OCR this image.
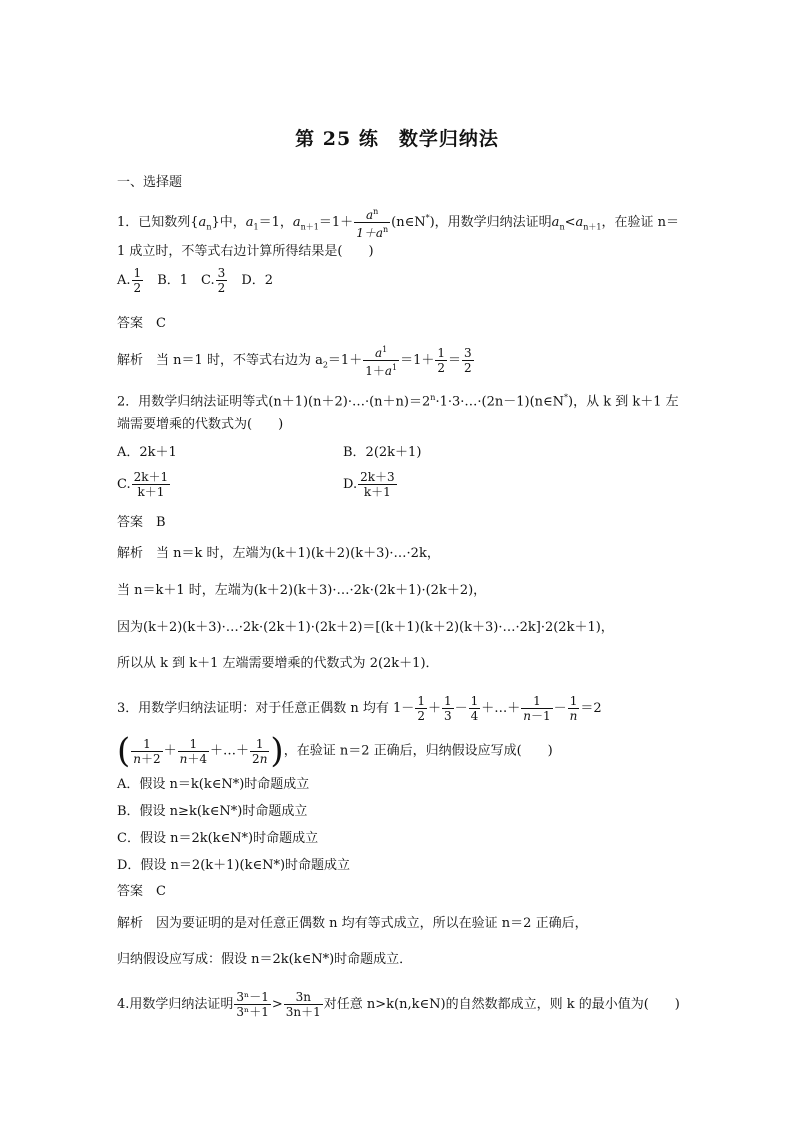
第 25 练　数学归纳法
一、选择题
1．已知数列$\{a_n\}$中，$a_1=1$，$a_{n+1}=1+ \frac{a^n}{1+a^n}$ (n∈N*)，用数学归纳法证明$a_n<a_{n+1}$，在验证 n＝
1 成立时，不等式右边计算所得结果是(　　)
A. $\frac{1}{2}$
　 B．1　 C. $\frac{3}{2}$
　 D．2
答案　 C
解析　 当 n＝1 时，不等式右边为 $a_2=1+ \frac{a^1}{1+a^1} =1+ \frac{1}{2} = \frac{3}{2}$
2．用数学归纳法证明等式$(n+1)(n+2)\cdot\dots\cdot(n+n)=2^n\cdot 1\cdot 3\cdot\dots\cdot(2n-1)(n\in N^*)$，从 k 到 k＋1 左
端需要增乘的代数式为(　　)
A．2k＋1	B．2(2k＋1)
C. $\frac{2k+1}{k+1}$	D. $\frac{2k+3}{k+1}$
答案　 B
解析　 当 n＝k 时，左端为(k＋1)(k＋2)(k＋3)·…·2k，
当 n＝k＋1 时，左端为(k＋2)(k＋3)·…·2k·(2k＋1)·(2k＋2)，
因为(k＋2)(k＋3)·…·2k·(2k＋1)·(2k＋2)＝[(k＋1)(k＋2)(k＋3)·…·2k]·2(2k＋1)，
所以从 k 到 k＋1 左端需要增乘的代数式为 2(2k＋1)．
3．用数学归纳法证明：对于任意正偶数 n 均有 $1- \frac{1}{2} + \frac{1}{3} - \frac{1}{4}$ ＋…＋ $\frac{1}{n-1} - \frac{1}{n} =2$
( $\frac{1}{n+2} + \frac{1}{n+4}$ ＋…＋ $\frac{1}{2n}$ )，在验证 n＝2 正确后，归纳假设应写成(　　)
A．假设 n＝k(k∈N*)时命题成立
B．假设 n≥k(k∈N*)时命题成立
C．假设 n＝2k(k∈N*)时命题成立
D．假设 n＝2(k＋1)(k∈N*)时命题成立
答案　 C
解析　 因为要证明的是对任意正偶数 n 均有等式成立，所以在验证 n＝2 正确后，
归纳假设应写成：假设 n＝2k(k∈N*)时命题成立．
4.用数学归纳法证明 $\frac{\text{3ⁿ－1}}{\text{3ⁿ＋1}} > \frac{3n}{3n+1}$ 对任意 n>k(n,k∈N)的自然数都成立，则 k 的最小值为(　　)
